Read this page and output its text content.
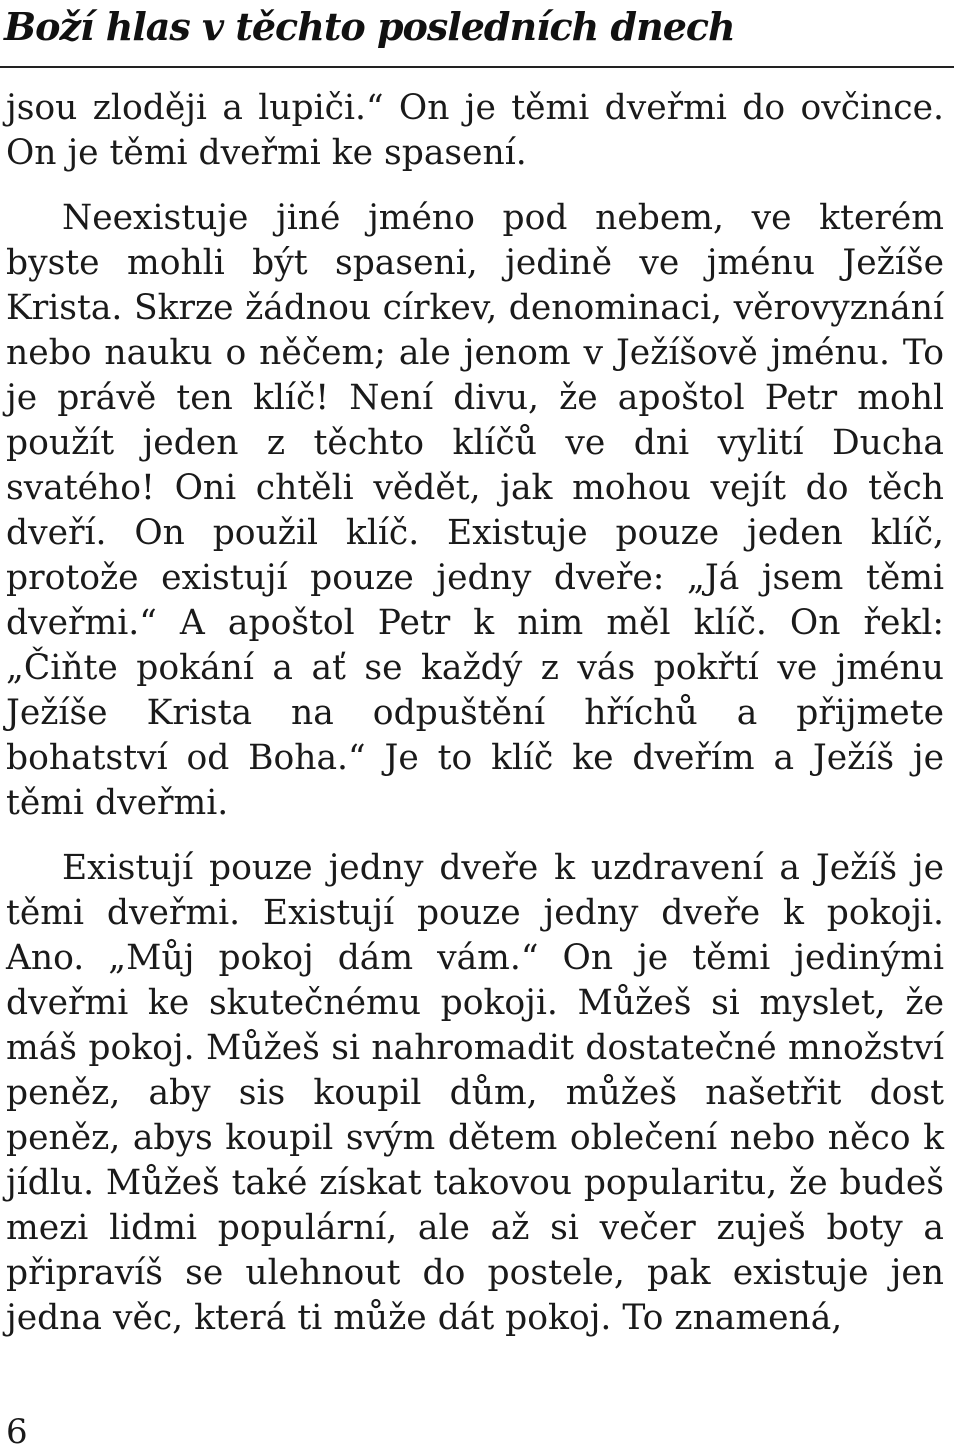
Boží hlas v těchto posledních dnech

jsou zloději a lupiči.“ On je těmi dveřmi do ovčince. On je těmi dveřmi ke spasení.

Neexistuje jiné jméno pod nebem, ve kterém byste mohli být spaseni, jedině ve jménu Ježíše Krista. Skrze žádnou církev, denominaci, věrovyznání nebo nauku o něčem; ale jenom v Ježíšově jménu. To je právě ten klíč! Není divu, že apoštol Petr mohl použít jeden z těchto klíčů ve dni vylití Ducha svatého! Oni chtěli vědět, jak mohou vejít do těch dveří. On použil klíč. Existuje pouze jeden klíč, protože existují pouze jedny dveře: „Já jsem těmi dveřmi.“ A apoštol Petr k nim měl klíč. On řekl: „Čiňte pokání a ať se každý z vás pokřtí ve jménu Ježíše Krista na odpuštění hříchů a přijmete bohatství od Boha.“ Je to klíč ke dveřím a Ježíš je těmi dveřmi.

Existují pouze jedny dveře k uzdravení a Ježíš je těmi dveřmi. Existují pouze jedny dveře k pokoji. Ano. „Můj pokoj dám vám.“ On je těmi jedinými dveřmi ke skutečnému pokoji. Můžeš si myslet, že máš pokoj. Můžeš si nahromadit dostatečné množství peněz, aby sis koupil dům, můžeš našetřit dost peněz, abys koupil svým dětem oblečení nebo něco k jídlu. Můžeš také získat takovou popularitu, že budeš mezi lidmi populární, ale až si večer zuješ boty a připravíš se ulehnout do postele, pak existuje jen jedna věc, která ti může dát pokoj. To znamená,

6
